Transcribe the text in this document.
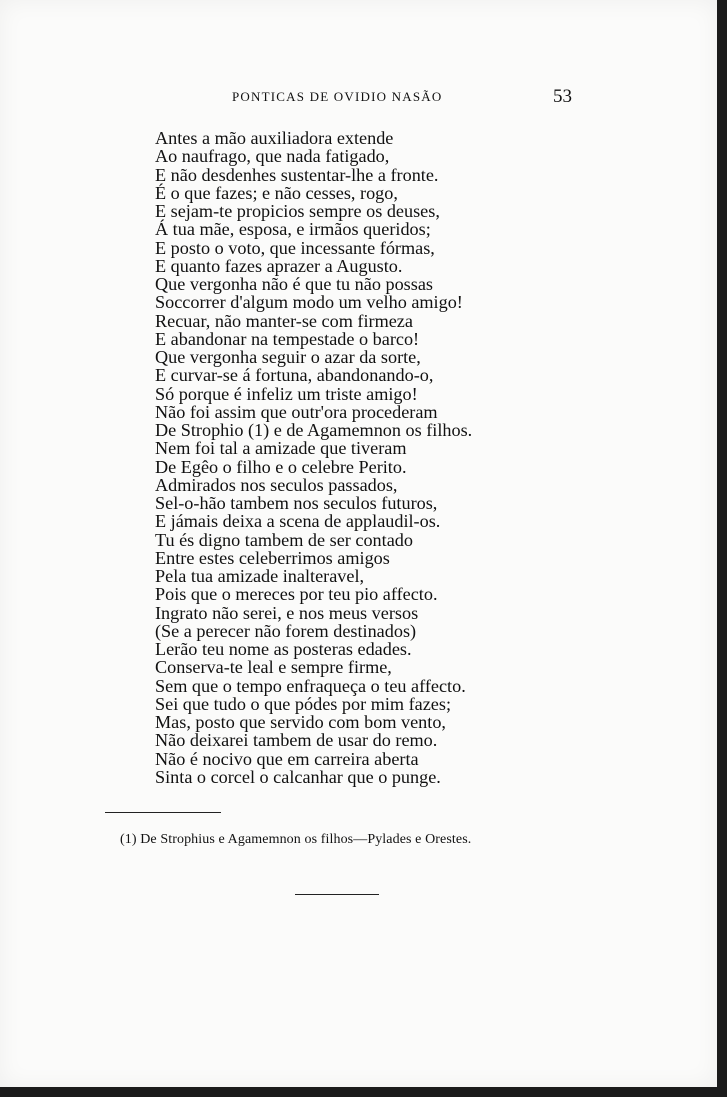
PONTICAS DE OVIDIO NASÃO	53
Antes a mão auxiliadora extende
Ao naufrago, que nada fatigado,
E não desdenhes sustentar-lhe a fronte.
É o que fazes; e não cesses, rogo,
E sejam-te propicios sempre os deuses,
Á tua mãe, esposa, e irmãos queridos;
E posto o voto, que incessante fórmas,
E quanto fazes aprazer a Augusto.
Que vergonha não é que tu não possas
Soccorrer d'algum modo um velho amigo!
Recuar, não manter-se com firmeza
E abandonar na tempestade o barco!
Que vergonha seguir o azar da sorte,
E curvar-se á fortuna, abandonando-o,
Só porque é infeliz um triste amigo!
Não foi assim que outr'ora procederam
De Strophio (1) e de Agamemnon os filhos.
Nem foi tal a amizade que tiveram
De Egêo o filho e o celebre Perito.
Admirados nos seculos passados,
Sel-o-hão tambem nos seculos futuros,
E jámais deixa a scena de applaudil-os.
Tu és digno tambem de ser contado
Entre estes celeberrimos amigos
Pela tua amizade inalteravel,
Pois que o mereces por teu pio affecto.
Ingrato não serei, e nos meus versos
(Se a perecer não forem destinados)
Lerão teu nome as posteras edades.
Conserva-te leal e sempre firme,
Sem que o tempo enfraqueça o teu affecto.
Sei que tudo o que pódes por mim fazes;
Mas, posto que servido com bom vento,
Não deixarei tambem de usar do remo.
Não é nocivo que em carreira aberta
Sinta o corcel o calcanhar que o punge.
(1) De Strophius e Agamemnon os filhos—Pylades e Orestes.
